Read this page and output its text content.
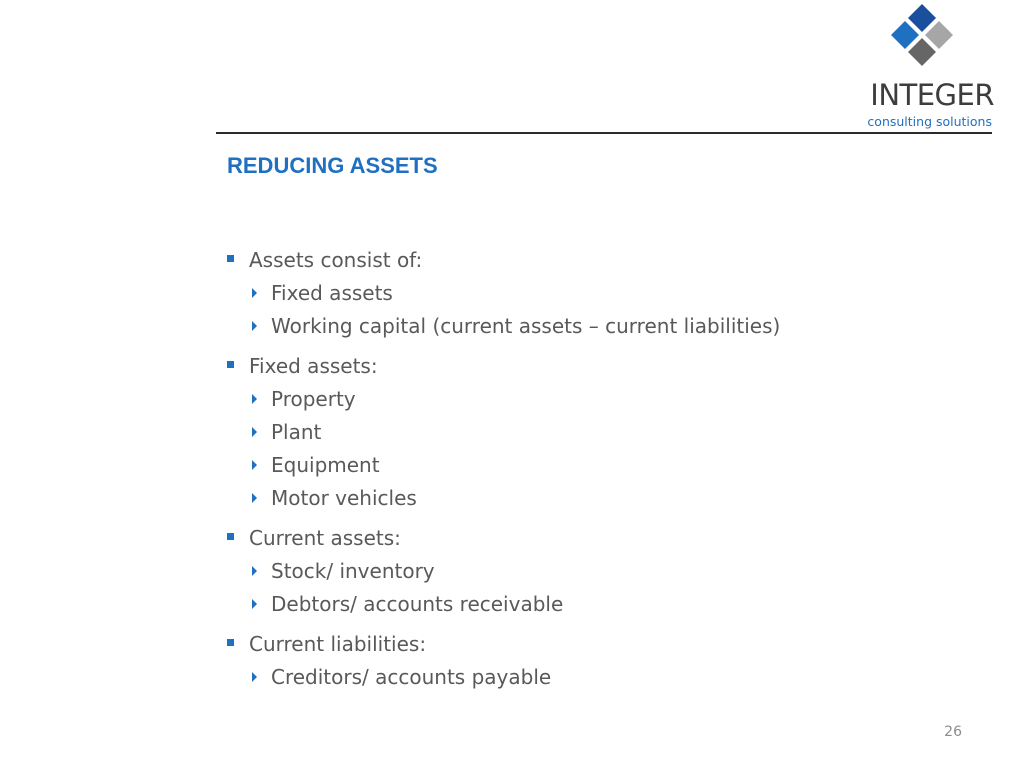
INTEGER
consulting solutions
REDUCING ASSETS
Assets consist of:
Fixed assets
Working capital (current assets – current liabilities)
Fixed assets:
Property
Plant
Equipment
Motor vehicles
Current assets:
Stock/ inventory
Debtors/ accounts receivable
Current liabilities:
Creditors/ accounts payable
26
